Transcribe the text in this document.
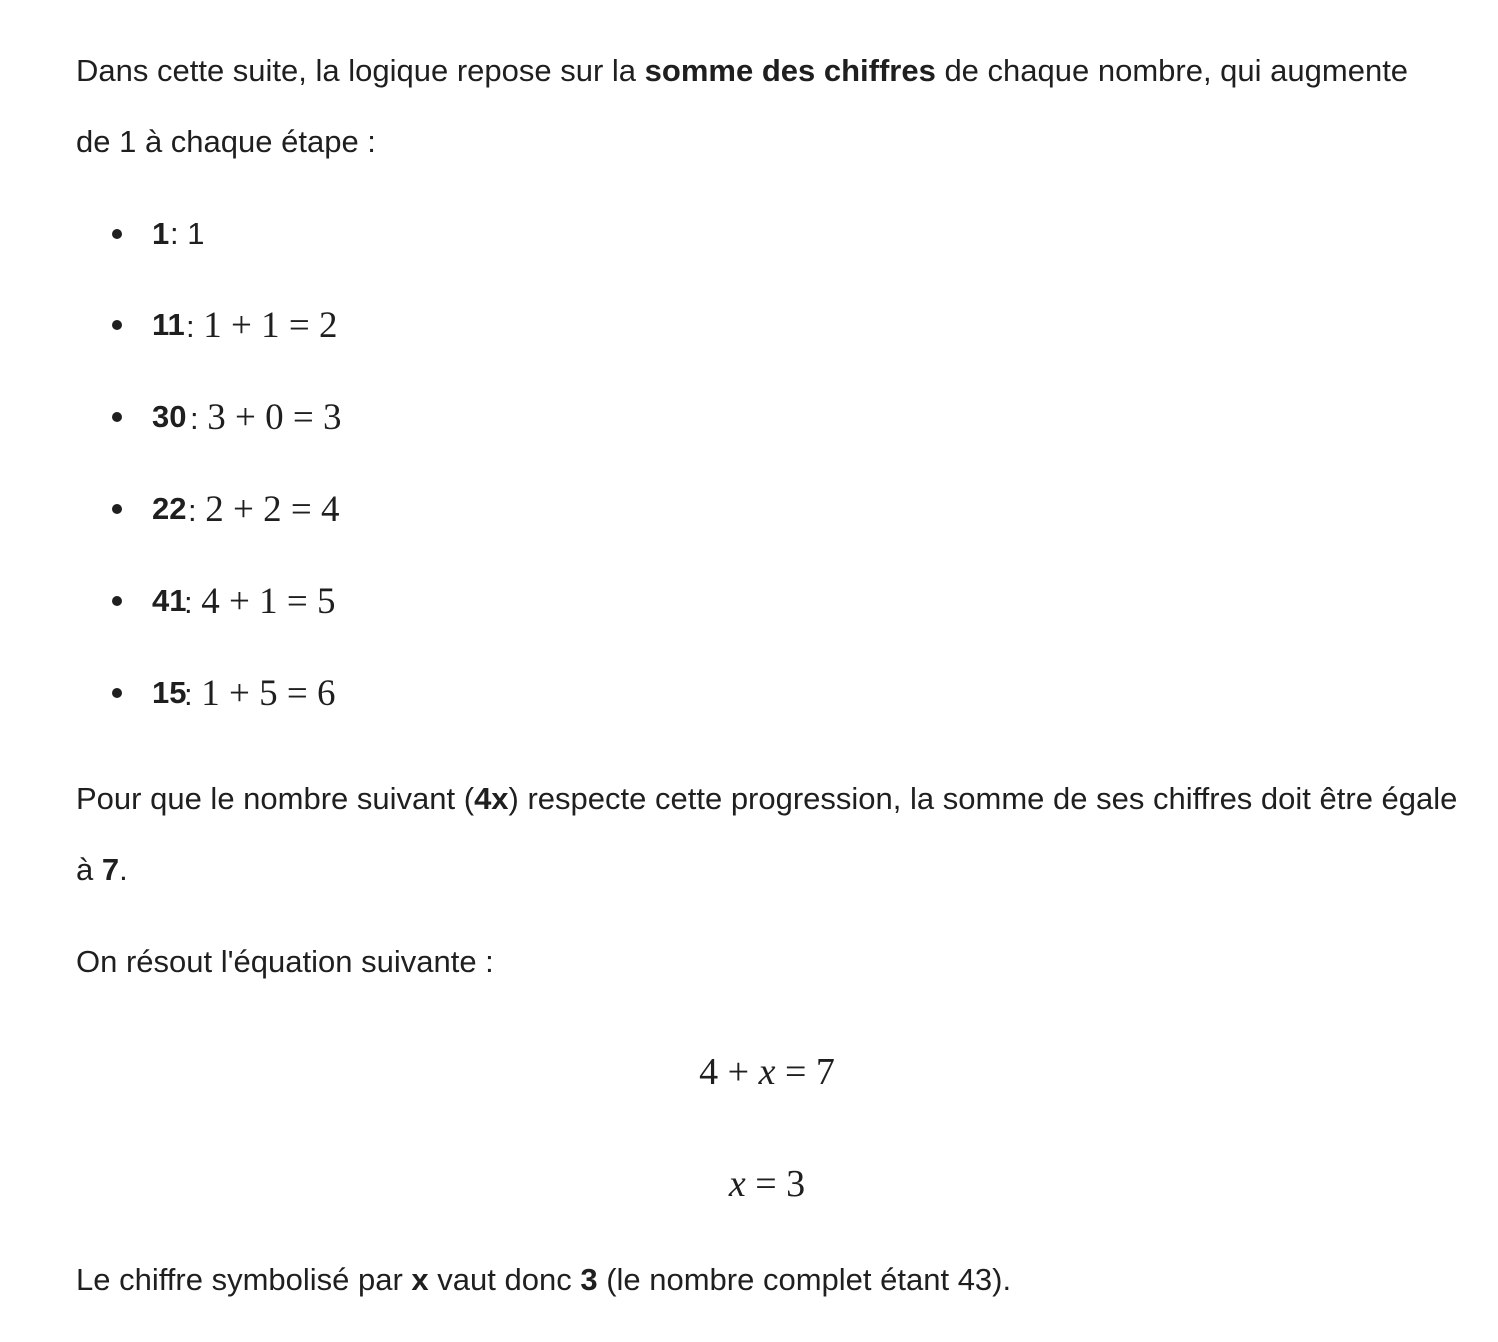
Dans cette suite, la logique repose sur la somme des chiffres de chaque nombre, qui augmente de 1 à chaque étape :

1 : 1
11 : 1 + 1 = 2
30 : 3 + 0 = 3
22 : 2 + 2 = 4
41
: 4 + 1 = 5
15
: 1 + 5 = 6

Pour que le nombre suivant (4x) respecte cette progression, la somme de ses chiffres doit être égale à 7.

On résout l'équation suivante :

4 + x = 7
x = 3

Le chiffre symbolisé par x vaut donc 3 (le nombre complet étant 43).
